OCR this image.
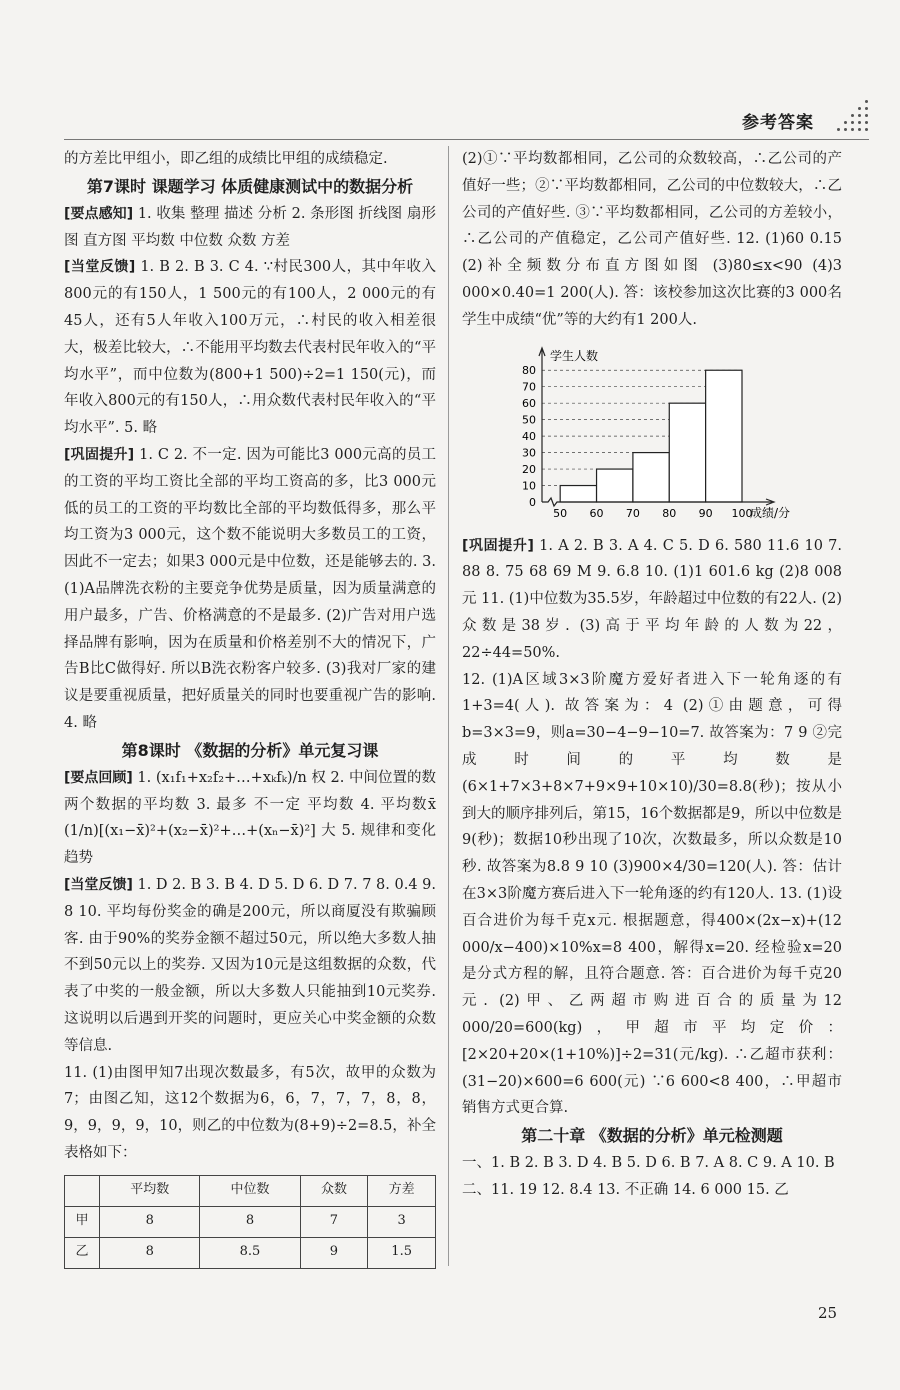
参考答案

的方差比甲组小，即乙组的成绩比甲组的成绩稳定.

第7课时 课题学习 体质健康测试中的数据分析

[要点感知] 1. 收集 整理 描述 分析 2. 条形图 折线图 扇形图 直方图 平均数 中位数 众数 方差

[当堂反馈] 1. B 2. B 3. C 4. ∵村民300人，其中年收入800元的有150人，1 500元的有100人，2 000元的有45人，还有5人年收入100万元，∴村民的收入相差很大，极差比较大，∴不能用平均数去代表村民年收入的“平均水平”，而中位数为(800+1 500)÷2=1 150(元)，而年收入800元的有150人，∴用众数代表村民年收入的“平均水平”. 5. 略

[巩固提升] 1. C 2. 不一定. 因为可能比3 000元高的员工的工资的平均工资比全部的平均工资高的多，比3 000元低的员工的工资的平均数比全部的平均数低得多，那么平均工资为3 000元，这个数不能说明大多数员工的工资，因此不一定去；如果3 000元是中位数，还是能够去的. 3. (1)A品牌洗衣粉的主要竞争优势是质量，因为质量满意的用户最多，广告、价格满意的不是最多. (2)广告对用户选择品牌有影响，因为在质量和价格差别不大的情况下，广告B比C做得好. 所以B洗衣粉客户较多. (3)我对厂家的建议是要重视质量，把好质量关的同时也要重视广告的影响. 4. 略

第8课时 《数据的分析》单元复习课

[要点回顾] 1. (x₁f₁+x₂f₂+…+xₖfₖ)/n 权 2. 中间位置的数 两个数据的平均数 3. 最多 不一定 平均数 4. 平均数x̄ (1/n)[(x₁−x̄)²+(x₂−x̄)²+…+(xₙ−x̄)²] 大 5. 规律和变化趋势

[当堂反馈] 1. D 2. B 3. B 4. D 5. D 6. D 7. 7 8. 0.4 9. 8 10. 平均每份奖金的确是200元，所以商厦没有欺骗顾客. 由于90%的奖券金额不超过50元，所以绝大多数人抽不到50元以上的奖券. 又因为10元是这组数据的众数，代表了中奖的一般金额，所以大多数人只能抽到10元奖券. 这说明以后遇到开奖的问题时，更应关心中奖金额的众数等信息.

11. (1)由图甲知7出现次数最多，有5次，故甲的众数为7；由图乙知，这12个数据为6，6，7，7，7，8，8，9，9，9，9，10，则乙的中位数为(8+9)÷2=8.5，补全表格如下：

	平均数	中位数	众数	方差
甲	8	8	7	3
乙	8	8.5	9	1.5

(2)①∵平均数都相同，乙公司的众数较高，∴乙公司的产值好一些；②∵平均数都相同，乙公司的中位数较大，∴乙公司的产值好些. ③∵平均数都相同，乙公司的方差较小，∴乙公司的产值稳定，乙公司产值好些. 12. (1)60 0.15 (2)补全频数分布直方图如图 (3)80≤x<90 (4)3 000×0.40=1 200(人). 答：该校参加这次比赛的3 000名学生中成绩“优”等的大约有1 200人.

0
10
20
30
40
50
60
70
80
50 60 70 80 90 100
学生人数
成绩/分

[巩固提升] 1. A 2. B 3. A 4. C 5. D 6. 580 11.6 10 7. 88 8. 75 68 69 M 9. 6.8 10. (1)1 601.6 kg (2)8 008元 11. (1)中位数为35.5岁，年龄超过中位数的有22人. (2)众数是38岁. (3)高于平均年龄的人数为22，22÷44=50%.

12. (1)A区域3×3阶魔方爱好者进入下一轮角逐的有1+3=4(人). 故答案为：4 (2)①由题意，可得b=3×3=9，则a=30−4−9−10=7. 故答案为：7 9 ②完成时间的平均数是(6×1+7×3+8×7+9×9+10×10)/30=8.8(秒)；按从小到大的顺序排列后，第15，16个数据都是9，所以中位数是9(秒)；数据10秒出现了10次，次数最多，所以众数是10秒. 故答案为8.8 9 10 (3)900×4/30=120(人). 答：估计在3×3阶魔方赛后进入下一轮角逐的约有120人. 13. (1)设百合进价为每千克x元. 根据题意，得400×(2x−x)+(12 000/x−400)×10%x=8 400，解得x=20. 经检验x=20是分式方程的解，且符合题意. 答：百合进价为每千克20元. (2)甲、乙两超市购进百合的质量为12 000/20=600(kg)，甲超市平均定价：[2×20+20×(1+10%)]÷2=31(元/kg). ∴乙超市获利：(31−20)×600=6 600(元) ∵6 600<8 400，∴甲超市销售方式更合算.

第二十章 《数据的分析》单元检测题

一、1. B 2. B 3. D 4. B 5. D 6. B 7. A 8. C 9. A 10. B

二、11. 19 12. 8.4 13. 不正确 14. 6 000 15. 乙

25
